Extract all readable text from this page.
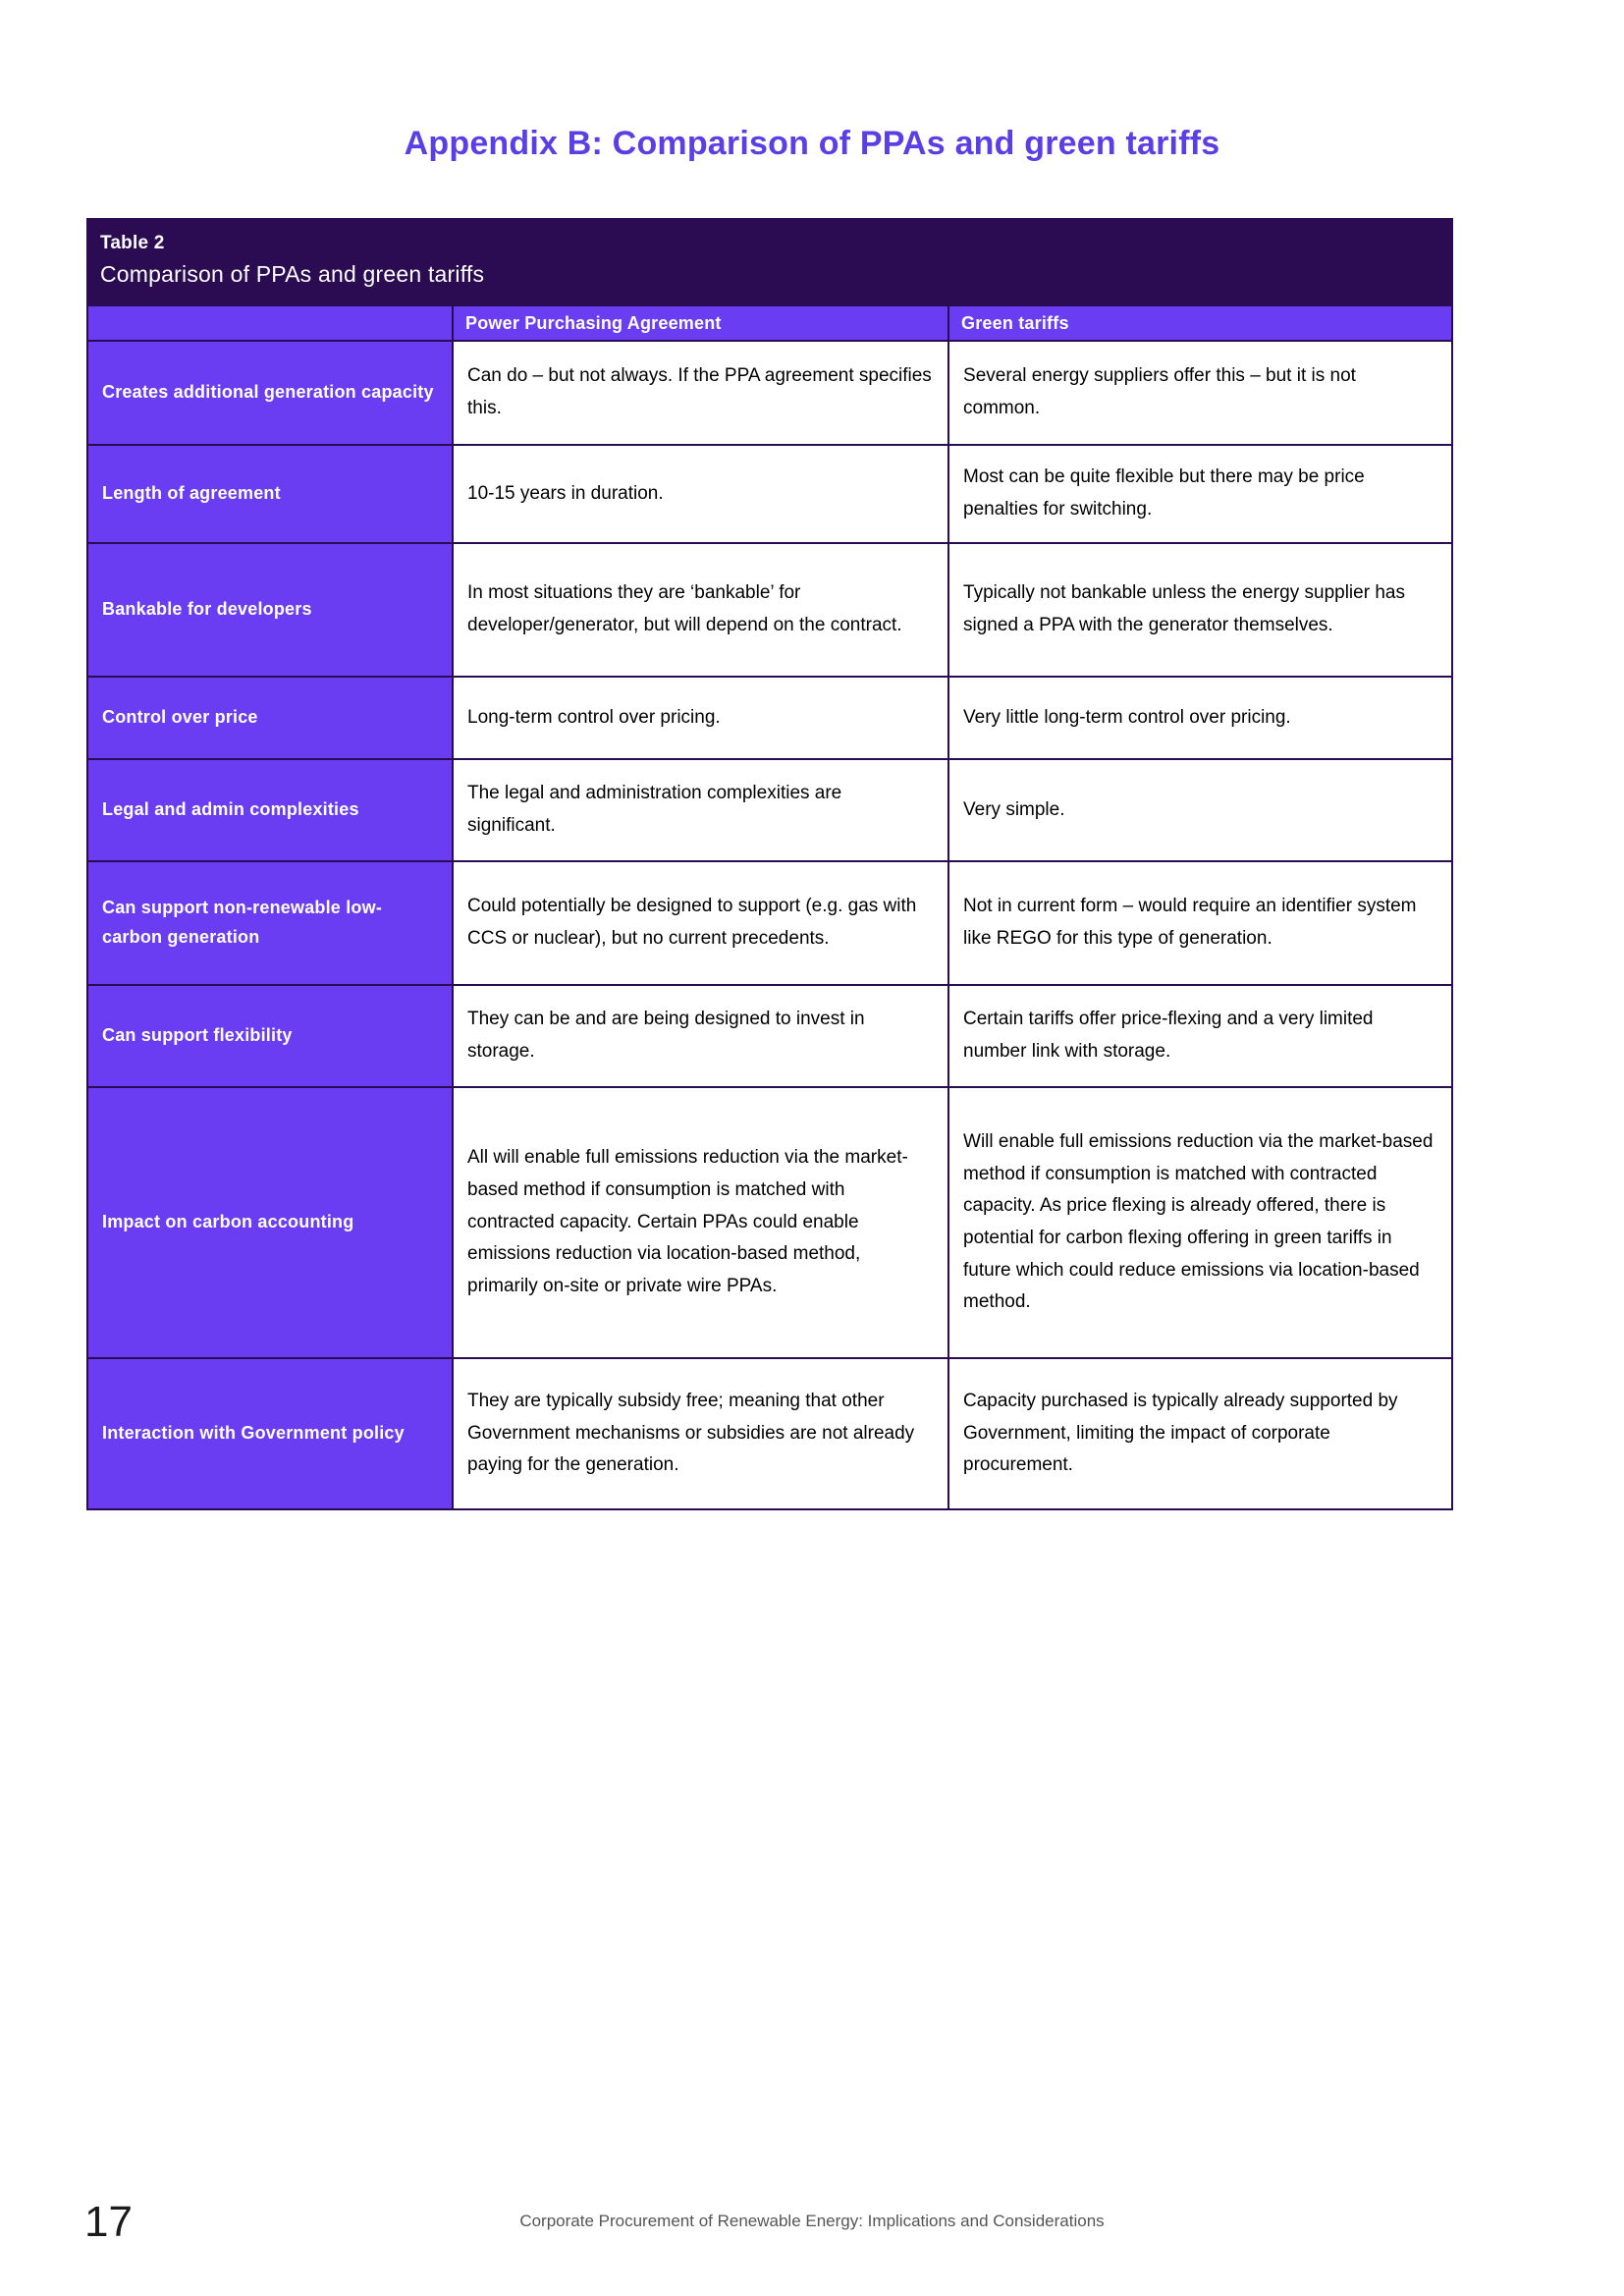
Appendix B: Comparison of PPAs and green tariffs
Table 2
Comparison of PPAs and green tariffs		

	Power Purchasing Agreement	Green tariffs
Creates additional generation capacity	Can do – but not always. If the PPA agreement specifies this.	Several energy suppliers offer this – but it is not common.
Length of agreement	10-15 years in duration.	Most can be quite flexible but there may be price penalties for switching.
Bankable for developers	In most situations they are ‘bankable’ for developer/generator, but will depend on the contract.	Typically not bankable unless the energy supplier has signed a PPA with the generator themselves.
Control over price	Long-term control over pricing.	Very little long-term control over pricing.
Legal and admin complexities	The legal and administration complexities are significant.	Very simple.
Can support non-renewable low-carbon generation	Could potentially be designed to support (e.g. gas with CCS or nuclear), but no current precedents.	Not in current form – would require an identifier system like REGO for this type of generation.
Can support flexibility	They can be and are being designed to invest in storage.	Certain tariffs offer price-flexing and a very limited number link with storage.
Impact on carbon accounting	All will enable full emissions reduction via the market-based method if consumption is matched with contracted capacity. Certain PPAs could enable emissions reduction via location-based method, primarily on-site or private wire PPAs.	Will enable full emissions reduction via the market-based method if consumption is matched with contracted capacity. As price flexing is already offered, there is potential for carbon flexing offering in green tariffs in future which could reduce emissions via location-based method.
Interaction with Government policy	They are typically subsidy free; meaning that other Government mechanisms or subsidies are not already paying for the generation.	Capacity purchased is typically already supported by Government, limiting the impact of corporate procurement.
17	Corporate Procurement of Renewable Energy: Implications and Considerations
